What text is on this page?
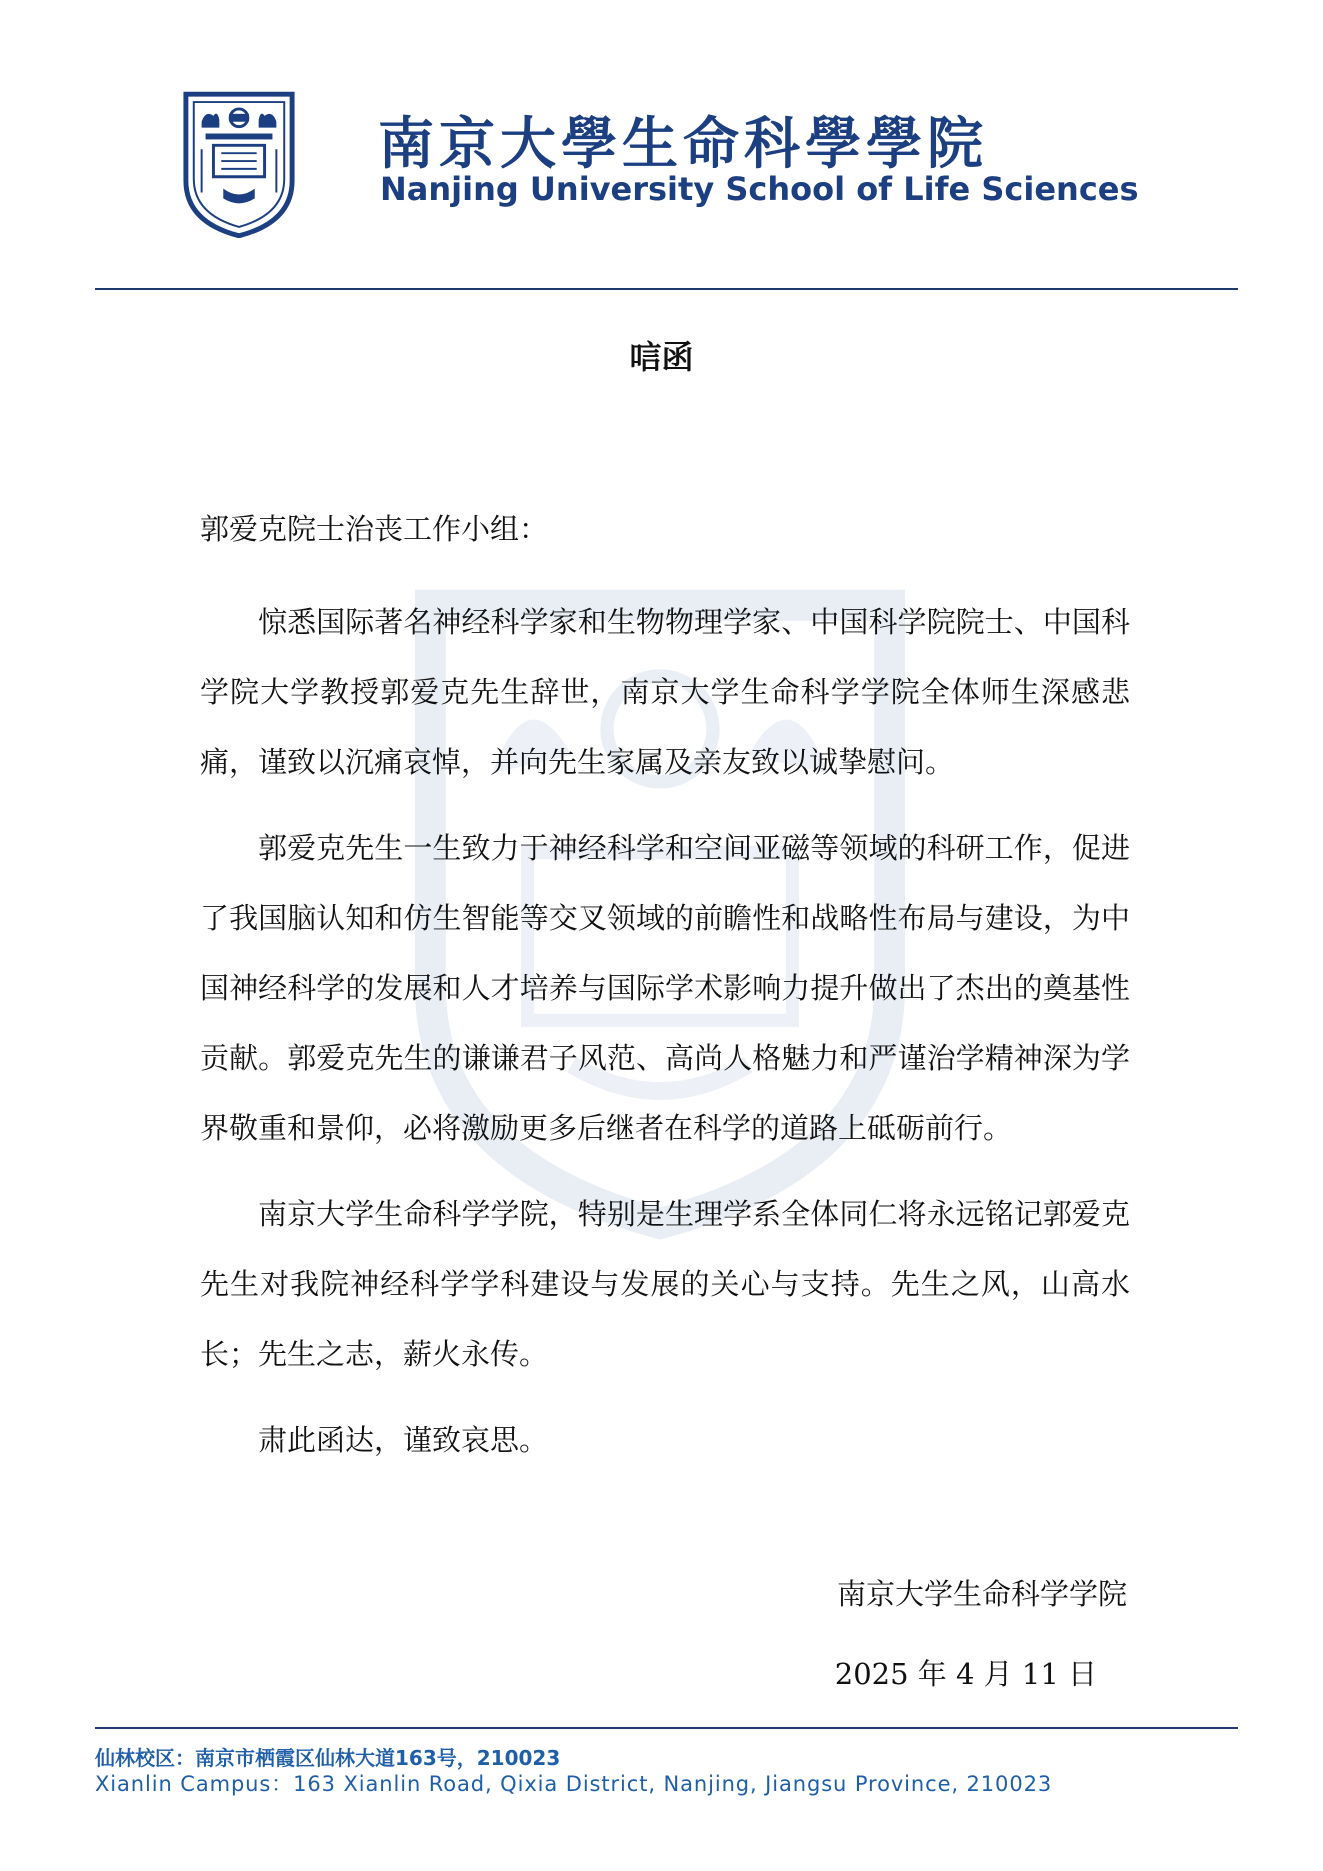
南京大學生命科學學院
Nanjing University School of Life Sciences
唁函
郭爱克院士治丧工作小组：

惊悉国际著名神经科学家和生物物理学家、中国科学院院士、中国科学院大学教授郭爱克先生辞世，南京大学生命科学学院全体师生深感悲痛，谨致以沉痛哀悼，并向先生家属及亲友致以诚挚慰问。

郭爱克先生一生致力于神经科学和空间亚磁等领域的科研工作，促进了我国脑认知和仿生智能等交叉领域的前瞻性和战略性布局与建设，为中国神经科学的发展和人才培养与国际学术影响力提升做出了杰出的奠基性贡献。郭爱克先生的谦谦君子风范、高尚人格魅力和严谨治学精神深为学界敬重和景仰，必将激励更多后继者在科学的道路上砥砺前行。

南京大学生命科学学院，特别是生理学系全体同仁将永远铭记郭爱克先生对我院神经科学学科建设与发展的关心与支持。先生之风，山高水长；先生之志，薪火永传。

肃此函达，谨致哀思。

南京大学生命科学学院
2025 年 4 月 11 日
仙林校区：南京市栖霞区仙林大道163号，210023
Xianlin Campus：163 Xianlin Road, Qixia District, Nanjing, Jiangsu Province, 210023
